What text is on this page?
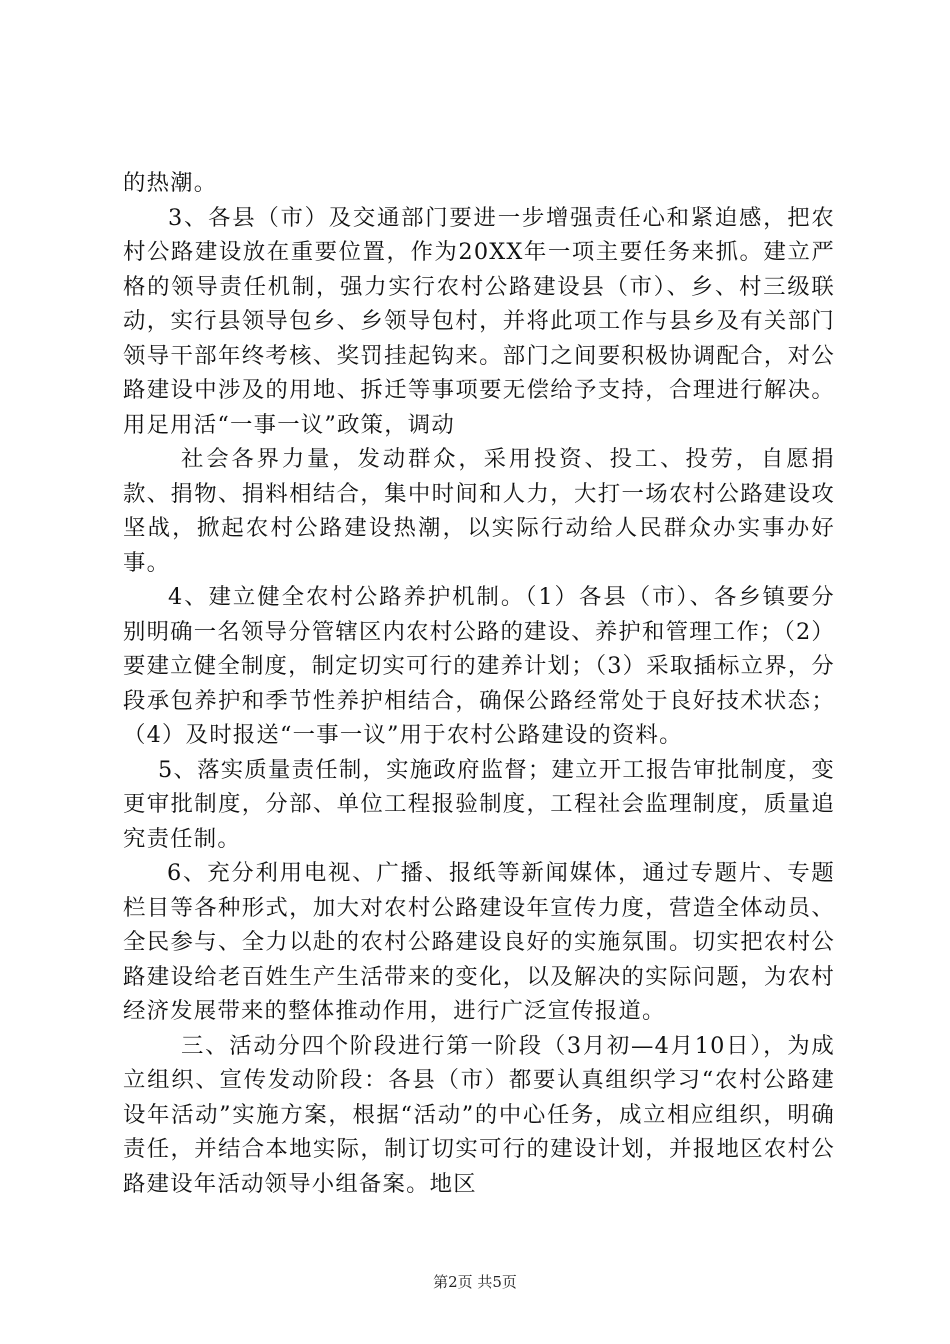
的热潮。

3、各县（市）及交通部门要进一步增强责任心和紧迫感，把农村公路建设放在重要位置，作为20XX年一项主要任务来抓。建立严格的领导责任机制，强力实行农村公路建设县（市）、乡、村三级联动，实行县领导包乡、乡领导包村，并将此项工作与县乡及有关部门领导干部年终考核、奖罚挂起钩来。部门之间要积极协调配合，对公路建设中涉及的用地、拆迁等事项要无偿给予支持，合理进行解决。用足用活“一事一议”政策，调动

社会各界力量，发动群众，采用投资、投工、投劳，自愿捐款、捐物、捐料相结合，集中时间和人力，大打一场农村公路建设攻坚战，掀起农村公路建设热潮，以实际行动给人民群众办实事办好事。

4、建立健全农村公路养护机制。（1）各县（市）、各乡镇要分别明确一名领导分管辖区内农村公路的建设、养护和管理工作；（2）要建立健全制度，制定切实可行的建养计划；（3）采取插标立界，分段承包养护和季节性养护相结合，确保公路经常处于良好技术状态；（4）及时报送“一事一议”用于农村公路建设的资料。

5、落实质量责任制，实施政府监督；建立开工报告审批制度，变更审批制度，分部、单位工程报验制度，工程社会监理制度，质量追究责任制。

6、充分利用电视、广播、报纸等新闻媒体，通过专题片、专题栏目等各种形式，加大对农村公路建设年宣传力度，营造全体动员、全民参与、全力以赴的农村公路建设良好的实施氛围。切实把农村公路建设给老百姓生产生活带来的变化，以及解决的实际问题，为农村经济发展带来的整体推动作用，进行广泛宣传报道。

三、活动分四个阶段进行第一阶段（3月初—4月10日），为成立组织、宣传发动阶段：各县（市）都要认真组织学习“农村公路建设年活动”实施方案，根据“活动”的中心任务，成立相应组织，明确责任，并结合本地实际，制订切实可行的建设计划，并报地区农村公路建设年活动领导小组备案。地区

第2页 共5页
